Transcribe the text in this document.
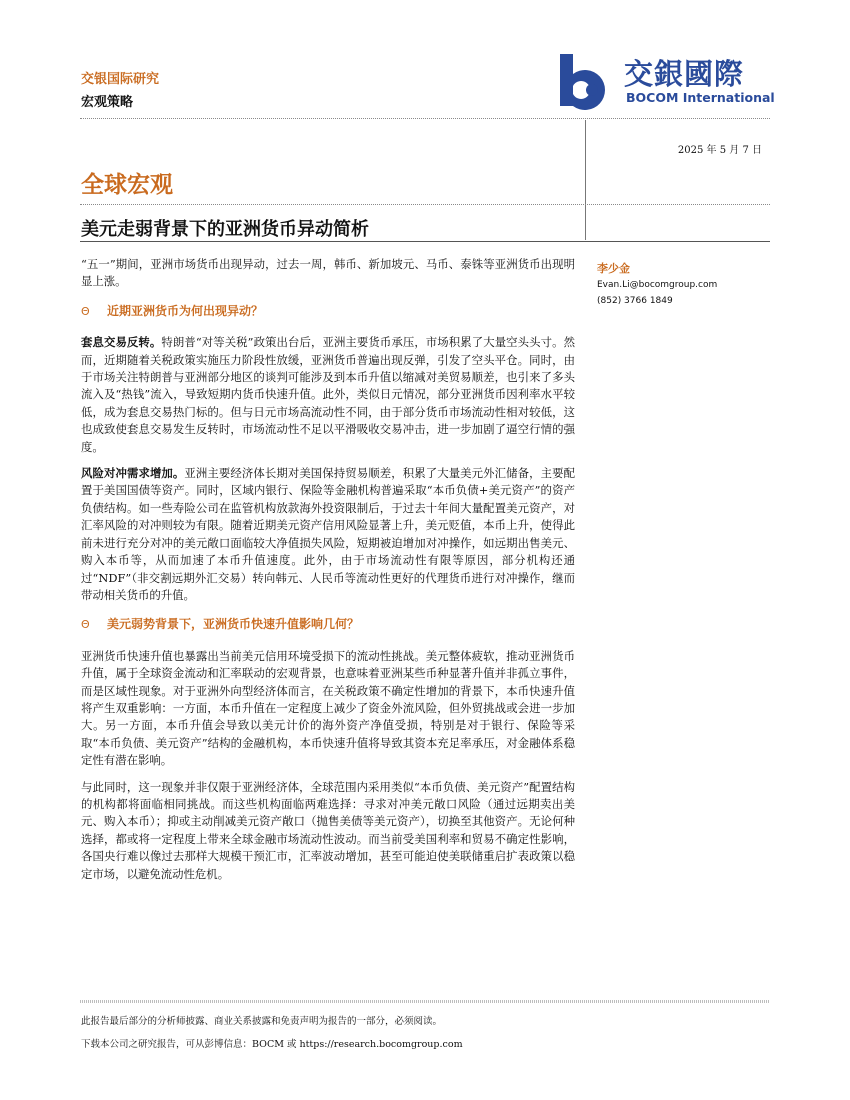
交银国际研究
宏观策略
交銀國際
BOCOM International
2025 年 5 月 7 日
全球宏观
美元走弱背景下的亚洲货币异动简析

“五一”期间，亚洲市场货币出现异动，过去一周，韩币、新加坡元、马币、泰铢等亚洲货币出现明显上涨。

Θ 近期亚洲货币为何出现异动？

套息交易反转。特朗普“对等关税”政策出台后，亚洲主要货币承压，市场积累了大量空头头寸。然而，近期随着关税政策实施压力阶段性放缓，亚洲货币普遍出现反弹，引发了空头平仓。同时，由于市场关注特朗普与亚洲部分地区的谈判可能涉及到本币升值以缩减对美贸易顺差，也引来了多头流入及“热钱”流入，导致短期内货币快速升值。此外，类似日元情况，部分亚洲货币因利率水平较低，成为套息交易热门标的。但与日元市场高流动性不同，由于部分货币市场流动性相对较低，这也成致使套息交易发生反转时，市场流动性不足以平滑吸收交易冲击，进一步加剧了逼空行情的强度。

风险对冲需求增加。亚洲主要经济体长期对美国保持贸易顺差，积累了大量美元外汇储备，主要配置于美国国债等资产。同时，区域内银行、保险等金融机构普遍采取“本币负债+美元资产”的资产负债结构。如一些寿险公司在监管机构放款海外投资限制后，于过去十年间大量配置美元资产，对汇率风险的对冲则较为有限。随着近期美元资产信用风险显著上升，美元贬值，本币上升，使得此前未进行充分对冲的美元敞口面临较大净值损失风险，短期被迫增加对冲操作，如远期出售美元、购入本币等，从而加速了本币升值速度。此外，由于市场流动性有限等原因，部分机构还通过“NDF”（非交割远期外汇交易）转向韩元、人民币等流动性更好的代理货币进行对冲操作，继而带动相关货币的升值。

Θ 美元弱势背景下，亚洲货币快速升值影响几何？

亚洲货币快速升值也暴露出当前美元信用环境受损下的流动性挑战。美元整体疲软，推动亚洲货币升值，属于全球资金流动和汇率联动的宏观背景，也意味着亚洲某些币种显著升值并非孤立事件，而是区域性现象。对于亚洲外向型经济体而言，在关税政策不确定性增加的背景下，本币快速升值将产生双重影响：一方面，本币升值在一定程度上减少了资金外流风险，但外贸挑战或会进一步加大。另一方面，本币升值会导致以美元计价的海外资产净值受损，特别是对于银行、保险等采取“本币负债、美元资产”结构的金融机构，本币快速升值将导致其资本充足率承压，对金融体系稳定性有潜在影响。

与此同时，这一现象并非仅限于亚洲经济体，全球范围内采用类似“本币负债、美元资产”配置结构的机构都将面临相同挑战。而这些机构面临两难选择：寻求对冲美元敞口风险（通过远期卖出美元、购入本币）；抑或主动削减美元资产敞口（抛售美债等美元资产），切换至其他资产。无论何种选择，都或将一定程度上带来全球金融市场流动性波动。而当前受美国利率和贸易不确定性影响，各国央行难以像过去那样大规模干预汇市，汇率波动增加，甚至可能迫使美联储重启扩表政策以稳定市场，以避免流动性危机。

李少金
Evan.Li@bocomgroup.com
(852) 3766 1849
此报告最后部分的分析师披露、商业关系披露和免责声明为报告的一部分，必须阅读。
下载本公司之研究报告，可从彭博信息：BOCM 或 https://research.bocomgroup.com
